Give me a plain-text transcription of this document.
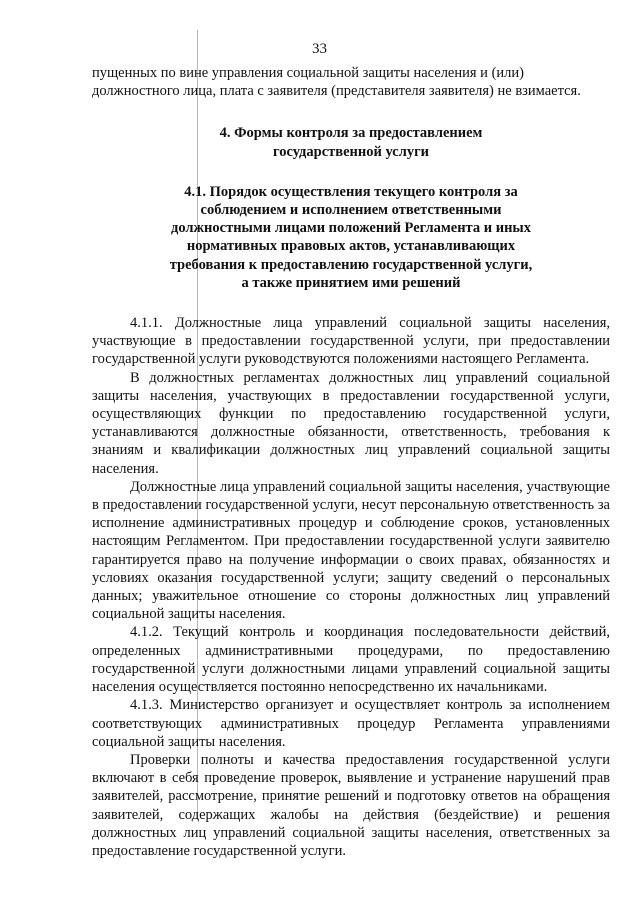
33

пущенных по вине управления социальной защиты населения и (или) должностного лица, плата с заявителя (представителя заявителя) не взимается.

4. Формы контроля за предоставлением
государственной услуги
4.1. Порядок осуществления текущего контроля за
соблюдением и исполнением ответственными
должностными лицами положений Регламента и иных
нормативных правовых актов, устанавливающих
требования к предоставлению государственной услуги,
а также принятием ими решений

4.1.1. Должностные лица управлений социальной защиты населения, участвующие в предоставлении государственной услуги, при предоставлении государственной услуги руководствуются положениями настоящего Регламента.

В должностных регламентах должностных лиц управлений социальной защиты населения, участвующих в предоставлении государственной услуги, осуществляющих функции по предоставлению государственной услуги, устанавливаются должностные обязанности, ответственность, требования к знаниям и квалификации должностных лиц управлений социальной защиты населения.

Должностные лица управлений социальной защиты населения, участвующие в предоставлении государственной услуги, несут персональную ответственность за исполнение административных процедур и соблюдение сроков, установленных настоящим Регламентом. При предоставлении государственной услуги заявителю гарантируется право на получение информации о своих правах, обязанностях и условиях оказания государственной услуги; защиту сведений о персональных данных; уважительное отношение со стороны должностных лиц управлений социальной защиты населения.

4.1.2. Текущий контроль и координация последовательности действий, определенных административными процедурами, по предоставлению государственной услуги должностными лицами управлений социальной защиты населения осуществляется постоянно непосредственно их начальниками.

4.1.3. Министерство организует и осуществляет контроль за исполнением соответствующих административных процедур Регламента управлениями социальной защиты населения.

Проверки полноты и качества предоставления государственной услуги включают в себя проведение проверок, выявление и устранение нарушений прав заявителей, рассмотрение, принятие решений и подготовку ответов на обращения заявителей, содержащих жалобы на действия (бездействие) и решения должностных лиц управлений социальной защиты населения, ответственных за предоставление государственной услуги.
